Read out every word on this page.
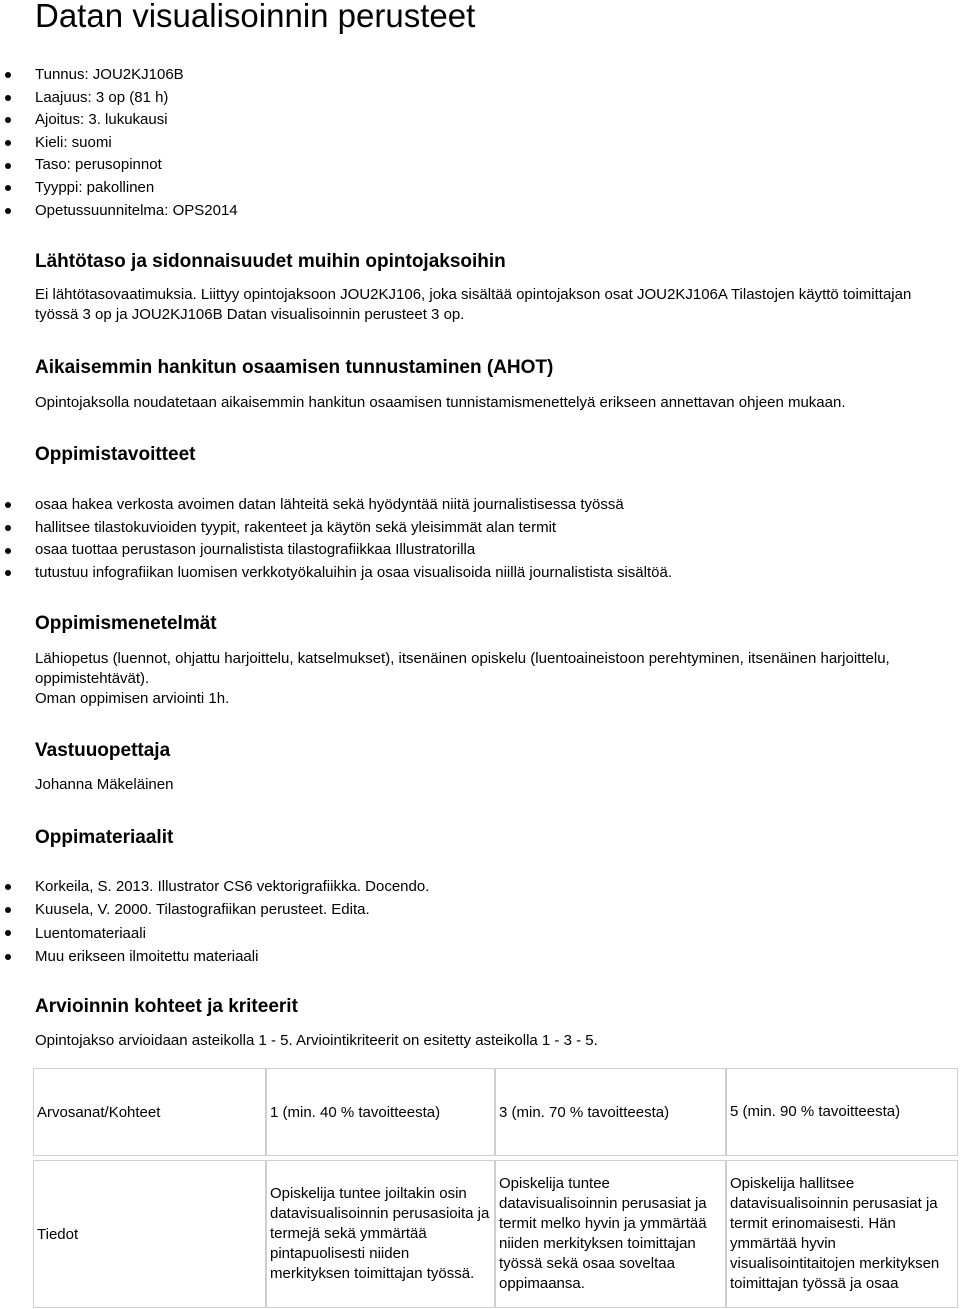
Datan visualisoinnin perusteet
Tunnus: JOU2KJ106B
Laajuus: 3 op (81 h)
Ajoitus: 3. lukukausi
Kieli: suomi
Taso: perusopinnot
Tyyppi: pakollinen
Opetussuunnitelma: OPS2014
Lähtötaso ja sidonnaisuudet muihin opintojaksoihin

Ei lähtötasovaatimuksia. Liittyy opintojaksoon JOU2KJ106, joka sisältää opintojakson osat JOU2KJ106A Tilastojen käyttö toimittajan työssä 3 op ja JOU2KJ106B Datan visualisoinnin perusteet 3 op.

Aikaisemmin hankitun osaamisen tunnustaminen (AHOT)

Opintojaksolla noudatetaan aikaisemmin hankitun osaamisen tunnistamismenettelyä erikseen annettavan ohjeen mukaan.

Oppimistavoitteet
osaa hakea verkosta avoimen datan lähteitä sekä hyödyntää niitä journalistisessa työssä
hallitsee tilastokuvioiden tyypit, rakenteet ja käytön sekä yleisimmät alan termit
osaa tuottaa perustason journalistista tilastografiikkaa Illustratorilla
tutustuu infografiikan luomisen verkkotyökaluihin ja osaa visualisoida niillä journalistista sisältöä.
Oppimismenetelmät

Lähiopetus (luennot, ohjattu harjoittelu, katselmukset), itsenäinen opiskelu (luentoaineistoon perehtyminen, itsenäinen harjoittelu, oppimistehtävät).

Oman oppimisen arviointi 1h.

Vastuuopettaja

Johanna Mäkeläinen

Oppimateriaalit
Korkeila, S. 2013. Illustrator CS6 vektorigrafiikka. Docendo.
Kuusela, V. 2000. Tilastografiikan perusteet. Edita.
Luentomateriaali
Muu erikseen ilmoitettu materiaali
Arvioinnin kohteet ja kriteerit

Opintojakso arvioidaan asteikolla 1 - 5. Arviointikriteerit on esitetty asteikolla 1 - 3 - 5.

Arvosanat/Kohteet	1 (min. 40 % tavoitteesta)	3 (min. 70 % tavoitteesta)	5 (min. 90 % tavoitteesta)

Tiedot	Opiskelija tuntee joiltakin osin datavisualisoinnin perusasioita ja termejä sekä ymmärtää pintapuolisesti niiden merkityksen toimittajan työssä.	Opiskelija tuntee datavisualisoinnin perusasiat ja termit melko hyvin ja ymmärtää niiden merkityksen toimittajan työssä sekä osaa soveltaa oppimaansa.	Opiskelija hallitsee datavisualisoinnin perusasiat ja termit erinomaisesti. Hän ymmärtää hyvin visualisointitaitojen merkityksen toimittajan työssä ja osaa
